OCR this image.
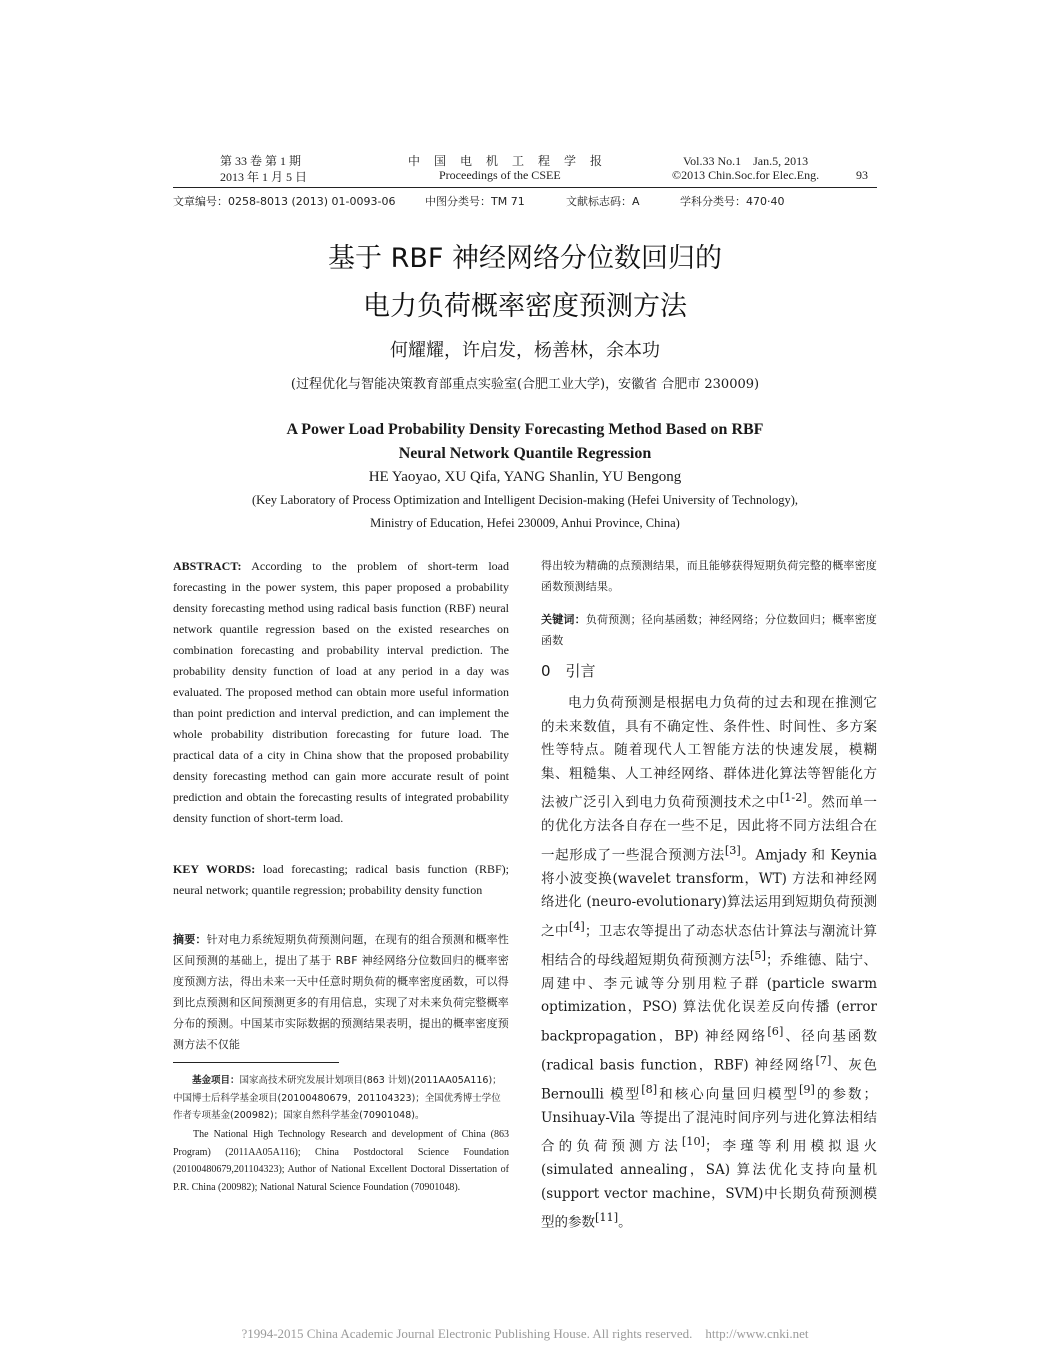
第 33 卷 第 1 期
2013 年 1 月 5 日
中　国　电　机　工　程　学　报
Proceedings of the CSEE
Vol.33 No.1　Jan.5, 2013
©2013 Chin.Soc.for Elec.Eng.	93
文章编号：0258-8013 (2013) 01-0093-06	中图分类号：TM 71	文献标志码：A	学科分类号：470·40
基于 RBF 神经网络分位数回归的
电力负荷概率密度预测方法
何耀耀，许启发，杨善林，余本功
(过程优化与智能决策教育部重点实验室(合肥工业大学)，安徽省 合肥市 230009)
A Power Load Probability Density Forecasting Method Based on RBF
Neural Network Quantile Regression
HE Yaoyao, XU Qifa, YANG Shanlin, YU Bengong
(Key Laboratory of Process Optimization and Intelligent Decision-making (Hefei University of Technology),
Ministry of Education, Hefei 230009, Anhui Province, China)
ABSTRACT: According to the problem of short-term load forecasting in the power system, this paper proposed a probability density forecasting method using radical basis function (RBF) neural network quantile regression based on the existed researches on combination forecasting and probability interval prediction. The probability density function of load at any period in a day was evaluated. The proposed method can obtain more useful information than point prediction and interval prediction, and can implement the whole probability distribution forecasting for future load. The practical data of a city in China show that the proposed probability density forecasting method can gain more accurate result of point prediction and obtain the forecasting results of integrated probability density function of short-term load.
KEY WORDS: load forecasting; radical basis function (RBF); neural network; quantile regression; probability density function
摘要：针对电力系统短期负荷预测问题，在现有的组合预测和概率性区间预测的基础上，提出了基于 RBF 神经网络分位数回归的概率密度预测方法，得出未来一天中任意时期负荷的概率密度函数，可以得到比点预测和区间预测更多的有用信息，实现了对未来负荷完整概率分布的预测。中国某市实际数据的预测结果表明，提出的概率密度预测方法不仅能
基金项目：国家高技术研究发展计划项目(863 计划)(2011AA05A116)；中国博士后科学基金项目(20100480679，201104323)；全国优秀博士学位作者专项基金(200982)；国家自然科学基金(70901048)。
The National High Technology Research and development of China (863 Program) (2011AA05A116); China Postdoctoral Science Foundation (20100480679,201104323); Author of National Excellent Doctoral Dissertation of P.R. China (200982); National Natural Science Foundation (70901048).
得出较为精确的点预测结果，而且能够获得短期负荷完整的概率密度函数预测结果。
关键词：负荷预测；径向基函数；神经网络；分位数回归；概率密度函数
0　引言
电力负荷预测是根据电力负荷的过去和现在推测它的未来数值，具有不确定性、条件性、时间性、多方案性等特点。随着现代人工智能方法的快速发展，模糊集、粗糙集、人工神经网络、群体进化算法等智能化方法被广泛引入到电力负荷预测技术之中[1-2]。然而单一的优化方法各自存在一些不足，因此将不同方法组合在一起形成了一些混合预测方法[3]。Amjady 和 Keynia 将小波变换(wavelet transform，WT) 方法和神经网络进化 (neuro-evolutionary)算法运用到短期负荷预测之中[4]；卫志农等提出了动态状态估计算法与潮流计算相结合的母线超短期负荷预测方法[5]；乔维德、陆宁、周建中、李元诚等分别用粒子群 (particle swarm optimization，PSO) 算法优化误差反向传播 (error backpropagation，BP) 神经网络[6]、径向基函数 (radical basis function，RBF) 神经网络[7]、灰色 Bernoulli 模型[8]和核心向量回归模型[9]的参数；Unsihuay-Vila 等提出了混沌时间序列与进化算法相结合的负荷预测方法[10]；李瑾等利用模拟退火 (simulated annealing，SA) 算法优化支持向量机 (support vector machine，SVM)中长期负荷预测模型的参数[11]。
?1994-2015 China Academic Journal Electronic Publishing House. All rights reserved.　http://www.cnki.net
